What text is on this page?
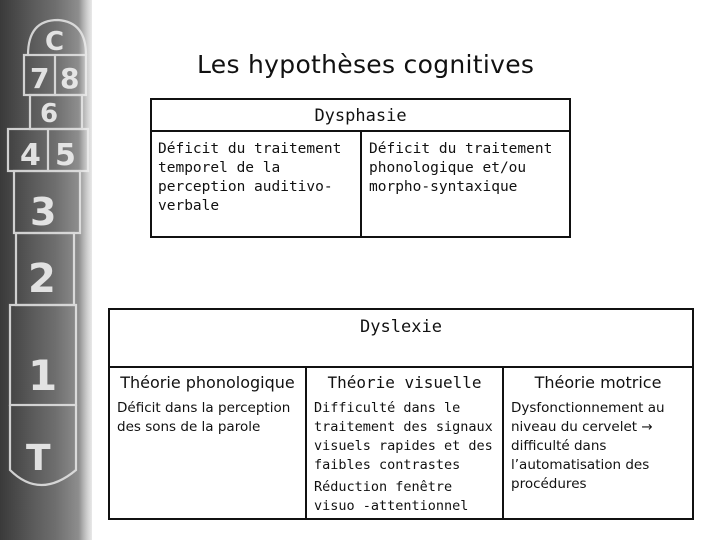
C
7 8
6
4 5
3
2
1
T
Les hypothèses cognitives
Dysphasie
Déficit du traitement temporel de la perception auditivo-verbale
Déficit du traitement phonologique et/ou morpho-syntaxique
Dyslexie
Théorie phonologique
Déficit dans la perception des sons de la parole
Théorie visuelle
Difficulté dans le traitement des signaux visuels rapides et des faibles contrastes
Réduction fenêtre visuo -attentionnel
Théorie motrice
Dysfonctionnement au niveau du cervelet → difficulté dans l’automatisation des procédures
